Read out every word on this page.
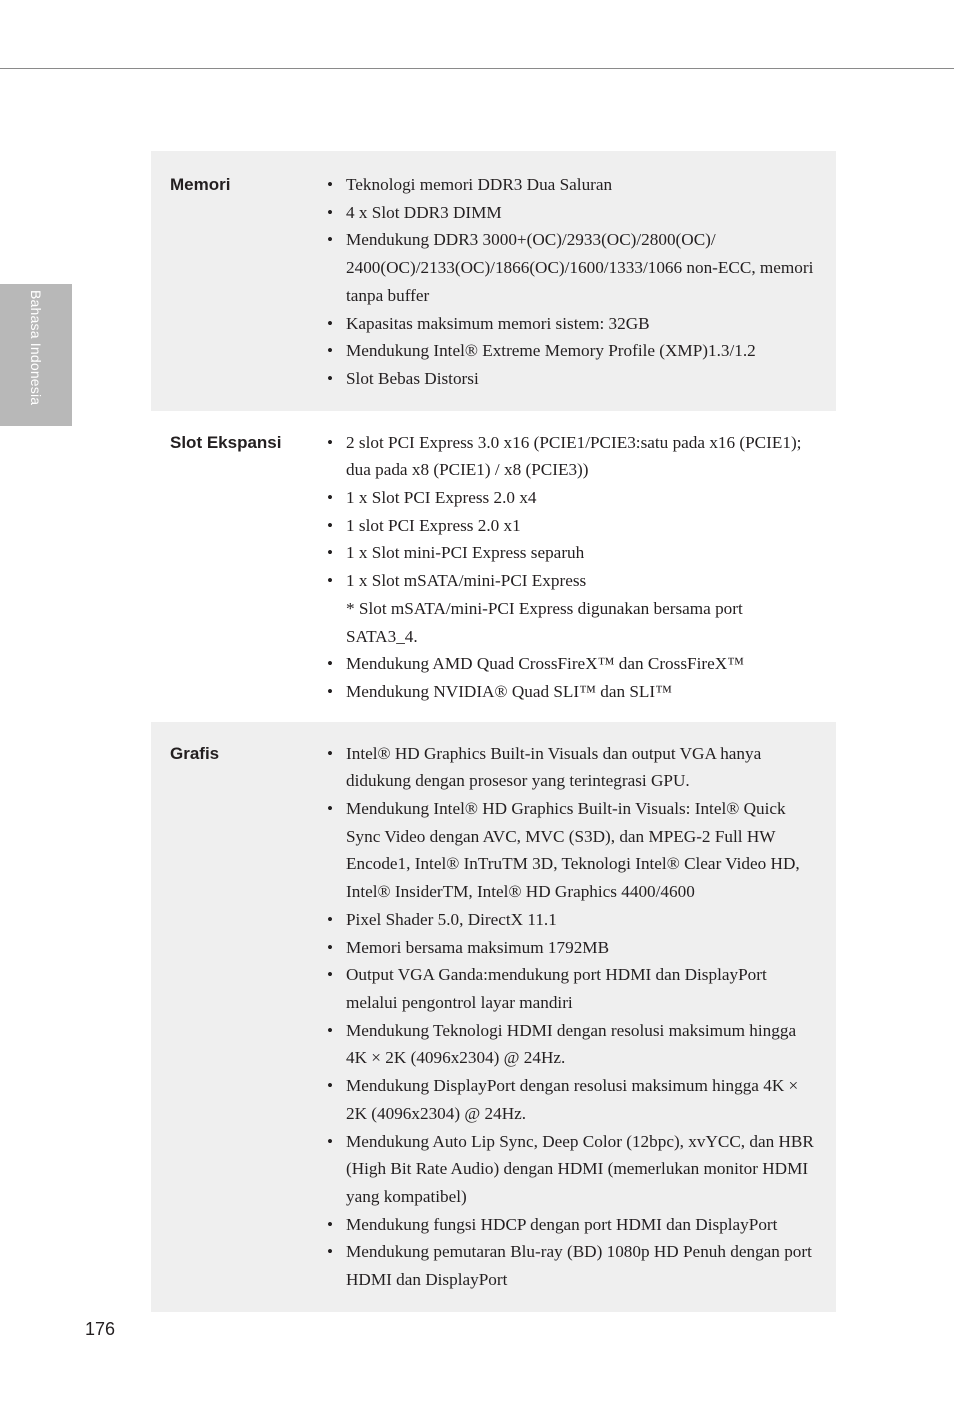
Bahasa Indonesia
Memori	• Teknologi memori DDR3 Dua Saluran
• 4 x Slot DDR3 DIMM
• Mendukung DDR3 3000+(OC)/2933(OC)/2800(OC)/ 2400(OC)/2133(OC)/1866(OC)/1600/1333/1066 non-ECC, memori tanpa buffer
• Kapasitas maksimum memori sistem: 32GB
• Mendukung Intel® Extreme Memory Profile (XMP)1.3/1.2
• Slot Bebas Distorsi
Slot Ekspansi	• 2 slot PCI Express 3.0 x16 (PCIE1/PCIE3:satu pada x16 (PCIE1); dua pada x8 (PCIE1) / x8 (PCIE3))
• 1 x Slot PCI Express 2.0 x4
• 1 slot PCI Express 2.0 x1
• 1 x Slot mini-PCI Express separuh
• 1 x Slot mSATA/mini-PCI Express
* Slot mSATA/mini-PCI Express digunakan bersama port SATA3_4.
• Mendukung AMD Quad CrossFireX™ dan CrossFireX™
• Mendukung NVIDIA® Quad SLI™ dan SLI™
Grafis	• Intel® HD Graphics Built-in Visuals dan output VGA hanya didukung dengan prosesor yang terintegrasi GPU.
• Mendukung Intel® HD Graphics Built-in Visuals: Intel® Quick Sync Video dengan AVC, MVC (S3D), dan MPEG-2 Full HW Encode1, Intel® InTruTM 3D, Teknologi Intel® Clear Video HD, Intel® InsiderTM, Intel® HD Graphics 4400/4600
• Pixel Shader 5.0, DirectX 11.1
• Memori bersama maksimum 1792MB
• Output VGA Ganda:mendukung port HDMI dan DisplayPort melalui pengontrol layar mandiri
• Mendukung Teknologi HDMI dengan resolusi maksimum hingga 4K × 2K (4096x2304) @ 24Hz.
• Mendukung DisplayPort dengan resolusi maksimum hingga 4K × 2K (4096x2304) @ 24Hz.
• Mendukung Auto Lip Sync, Deep Color (12bpc), xvYCC, dan HBR (High Bit Rate Audio) dengan HDMI (memerlukan monitor HDMI yang kompatibel)
• Mendukung fungsi HDCP dengan port HDMI dan DisplayPort
• Mendukung pemutaran Blu-ray (BD) 1080p HD Penuh dengan port HDMI dan DisplayPort
176
